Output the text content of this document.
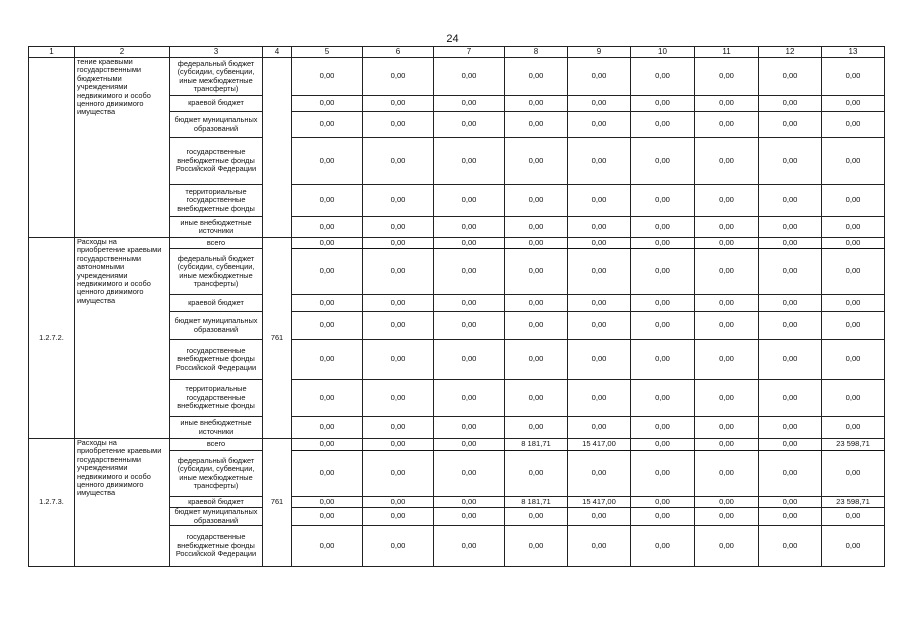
24
1	2	3	4	5	6	7	8	9	10	11	12	13
	тение краевыми государственными бюджетными учреждениями недвижимого и особо ценного движимого имущества	федеральный бюджет (субсидии, субвенции, иные межбюджетные трансферты)		0,00	0,00	0,00	0,00	0,00	0,00	0,00	0,00	0,00
		краевой бюджет		0,00	0,00	0,00	0,00	0,00	0,00	0,00	0,00	0,00
		бюджет муниципальных образований		0,00	0,00	0,00	0,00	0,00	0,00	0,00	0,00	0,00
		государственные внебюджетные фонды Российской Федерации		0,00	0,00	0,00	0,00	0,00	0,00	0,00	0,00	0,00
		территориальные государственные внебюджетные фонды		0,00	0,00	0,00	0,00	0,00	0,00	0,00	0,00	0,00
		иные внебюджетные источники		0,00	0,00	0,00	0,00	0,00	0,00	0,00	0,00	0,00
1.2.7.2.	Расходы на приобретение краевыми государственными автономными учреждениями недвижимого и особо ценного движимого имущества	всего	761	0,00	0,00	0,00	0,00	0,00	0,00	0,00	0,00	0,00
		федеральный бюджет (субсидии, субвенции, иные межбюджетные трансферты)		0,00	0,00	0,00	0,00	0,00	0,00	0,00	0,00	0,00
		краевой бюджет		0,00	0,00	0,00	0,00	0,00	0,00	0,00	0,00	0,00
		бюджет муниципальных образований		0,00	0,00	0,00	0,00	0,00	0,00	0,00	0,00	0,00
		государственные внебюджетные фонды Российской Федерации		0,00	0,00	0,00	0,00	0,00	0,00	0,00	0,00	0,00
		территориальные государственные внебюджетные фонды		0,00	0,00	0,00	0,00	0,00	0,00	0,00	0,00	0,00
		иные внебюджетные источники		0,00	0,00	0,00	0,00	0,00	0,00	0,00	0,00	0,00
1.2.7.3.	Расходы на приобретение краевыми государственными учреждениями недвижимого и особо ценного движимого имущества	всего	761	0,00	0,00	0,00	8 181,71	15 417,00	0,00	0,00	0,00	23 598,71
		федеральный бюджет (субсидии, субвенции, иные межбюджетные трансферты)		0,00	0,00	0,00	0,00	0,00	0,00	0,00	0,00	0,00
		краевой бюджет		0,00	0,00	0,00	8 181,71	15 417,00	0,00	0,00	0,00	23 598,71
		бюджет муниципальных образований		0,00	0,00	0,00	0,00	0,00	0,00	0,00	0,00	0,00
		государственные внебюджетные фонды Российской Федерации		0,00	0,00	0,00	0,00	0,00	0,00	0,00	0,00	0,00
